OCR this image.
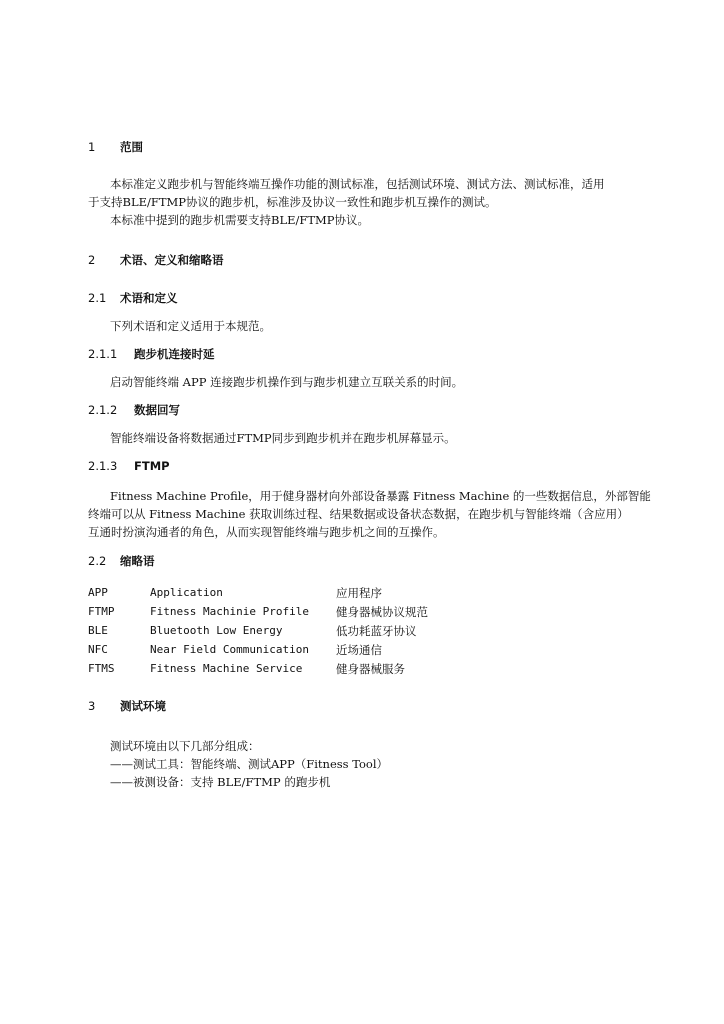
1 范围
本标准定义跑步机与智能终端互操作功能的测试标准，包括测试环境、测试方法、测试标准，适用
于支持BLE/FTMP协议的跑步机，标准涉及协议一致性和跑步机互操作的测试。
本标准中提到的跑步机需要支持BLE/FTMP协议。
2 术语、定义和缩略语
2.1 术语和定义
下列术语和定义适用于本规范。
2.1.1 跑步机连接时延
启动智能终端 APP 连接跑步机操作到与跑步机建立互联关系的时间。
2.1.2 数据回写
智能终端设备将数据通过FTMP同步到跑步机并在跑步机屏幕显示。
2.1.3 FTMP
Fitness Machine Profile，用于健身器材向外部设备暴露 Fitness Machine 的一些数据信息，外部智能
终端可以从 Fitness Machine 获取训练过程、结果数据或设备状态数据，在跑步机与智能终端（含应用）
互通时扮演沟通者的角色，从而实现智能终端与跑步机之间的互操作。
2.2 缩略语
APP	Application	应用程序
FTMP	Fitness Machinie Profile	健身器械协议规范
BLE	Bluetooth Low Energy	低功耗蓝牙协议
NFC	Near Field Communication	近场通信
FTMS	Fitness Machine Service	健身器械服务
3 测试环境
测试环境由以下几部分组成：
——测试工具：智能终端、测试APP（Fitness Tool）
——被测设备：支持 BLE/FTMP 的跑步机
